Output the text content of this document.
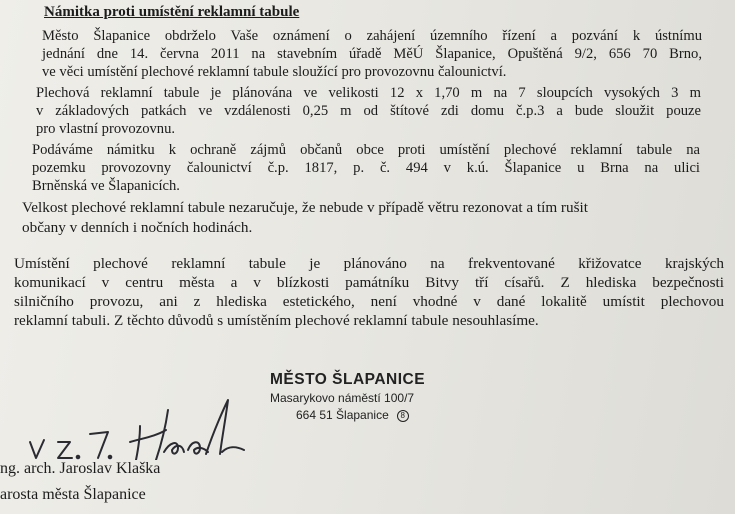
Námitka proti umístění reklamní tabule
Město Šlapanice obdrželo Vaše oznámení o zahájení územního řízení a pozvání k ústnímu
jednání dne 14. června 2011 na stavebním úřadě MěÚ Šlapanice, Opuštěná 9/2, 656 70 Brno,
ve věci umístění plechové reklamní tabule sloužící pro provozovnu čalounictví.
Plechová reklamní tabule je plánována ve velikosti 12 x 1,70 m na 7 sloupcích vysokých 3 m
v základových patkách ve vzdálenosti 0,25 m od štítové zdi domu č.p.3 a bude sloužit pouze
pro vlastní provozovnu.
Podáváme námitku k ochraně zájmů občanů obce proti umístění plechové reklamní tabule na
pozemku provozovny čalounictví č.p. 1817, p. č. 494 v k.ú. Šlapanice u Brna na ulici
Brněnská ve Šlapanicích.
Velkost plechové reklamní tabule nezaručuje, že nebude v případě větru rezonovat a tím rušit
občany v denních i nočních hodinách.
Umístění plechové reklamní tabule je plánováno na frekventované křižovatce krajských
komunikací v centru města a v blízkosti památníku Bitvy tří císařů. Z hlediska bezpečnosti
silničního provozu, ani z hlediska estetického, není vhodné v dané lokalitě umístit plechovou
reklamní tabuli. Z těchto důvodů s umístěním plechové reklamní tabule nesouhlasíme.
MĚSTO ŠLAPANICE
Masarykovo náměstí 100/7
664 51 Šlapanice 8
ng. arch. Jaroslav Klaška
arosta města Šlapanice
